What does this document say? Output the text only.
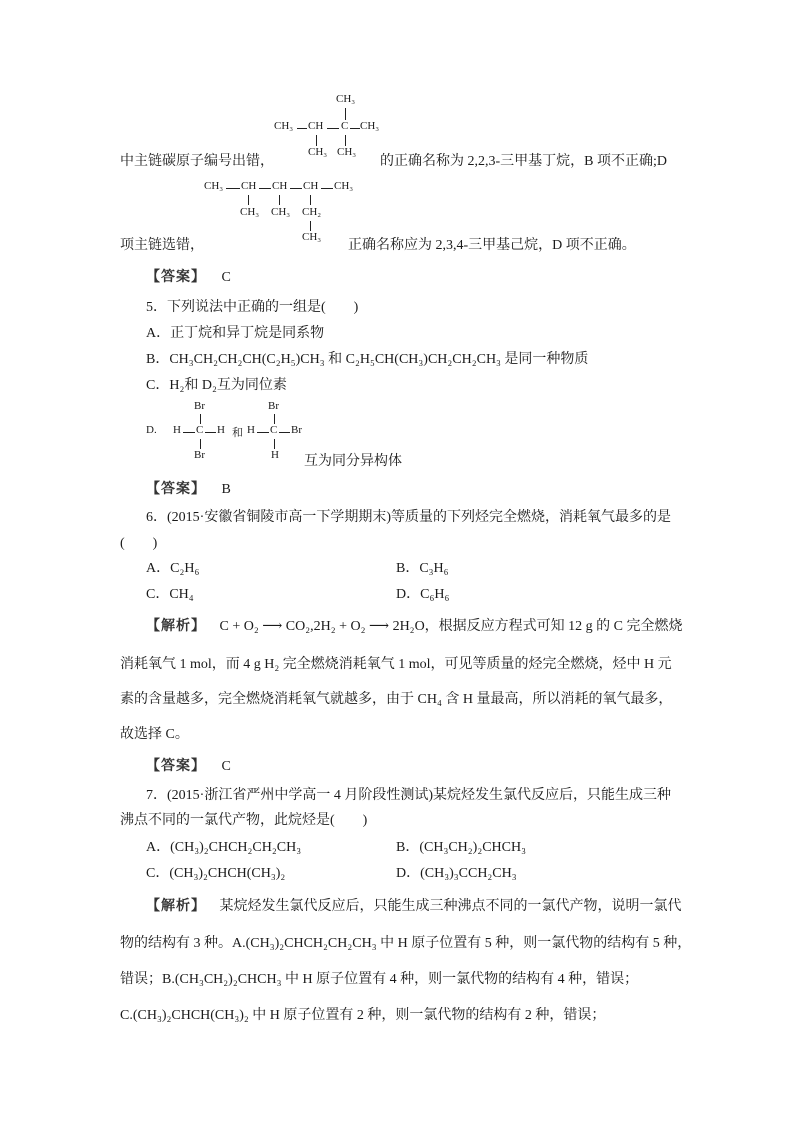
CH₃
CH₃ CH C CH₃
CH₃ CH₃
中主链碳原子编号出错，	的正确名称为 2,2,3-三甲基丁烷，B 项不正确;D
CH₃ CH CH CH CH₃
CH₃ CH₃ CH₂
CH₃
项主链选错，	正确名称应为 2,3,4-三甲基己烷，D 项不正确。
【答案】 C
5．下列说法中正确的一组是(　　)
A．正丁烷和异丁烷是同系物
B．CH₃CH₂CH₂CH(C₂H₅)CH₃ 和 C₂H₅CH(CH₃)CH₂CH₂CH₃ 是同一种物质
C．H₂和 D₂互为同位素
D.
Br
H C H
Br
和
Br
H C Br
H 互为同分异构体
【答案】 B
6．(2015·安徽省铜陵市高一下学期期末)等质量的下列烃完全燃烧，消耗氧气最多的是
(　　)
A．C₂H₆	B．C₃H₆
C．CH₄	D．C₆H₆
【解析】 C + O₂ ⟶ CO₂,2H₂ + O₂ ⟶ 2H₂O，根据反应方程式可知 12 g 的 C 完全燃烧
消耗氧气 1 mol，而 4 g H₂ 完全燃烧消耗氧气 1 mol，可见等质量的烃完全燃烧，烃中 H 元
素的含量越多，完全燃烧消耗氧气就越多，由于 CH₄ 含 H 量最高，所以消耗的氧气最多，
故选择 C。
【答案】 C
7．(2015·浙江省严州中学高一 4 月阶段性测试)某烷烃发生氯代反应后，只能生成三种
沸点不同的一氯代产物，此烷烃是(　　)
A．(CH₃)₂CHCH₂CH₂CH₃	B．(CH₃CH₂)₂CHCH₃
C．(CH₃)₂CHCH(CH₃)₂	D．(CH₃)₃CCH₂CH₃
【解析】 某烷烃发生氯代反应后，只能生成三种沸点不同的一氯代产物，说明一氯代
物的结构有 3 种。A.(CH₃)₂CHCH₂CH₂CH₃ 中 H 原子位置有 5 种，则一氯代物的结构有 5 种，
错误；B.(CH₃CH₂)₂CHCH₃ 中 H 原子位置有 4 种，则一氯代物的结构有 4 种，错误；
C.(CH₃)₂CHCH(CH₃)₂ 中 H 原子位置有 2 种，则一氯代物的结构有 2 种，错误；
